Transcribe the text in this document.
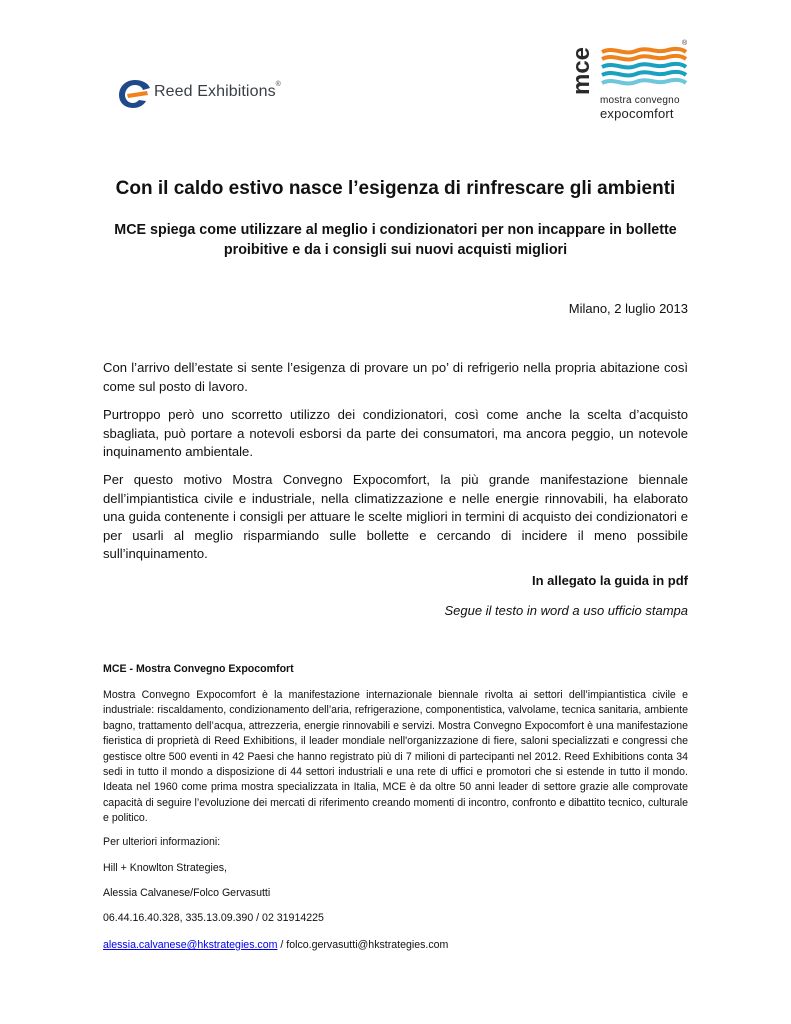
Reed Exhibitions®	mce
®
mostra convegno
expocomfort
Con il caldo estivo nasce l’esigenza di rinfrescare gli ambienti
MCE spiega come utilizzare al meglio i condizionatori per non incappare in bollette proibitive e da i consigli sui nuovi acquisti migliori
Milano, 2 luglio 2013

Con l’arrivo dell’estate si sente l’esigenza di provare un po’ di refrigerio nella propria abitazione così come sul posto di lavoro.

Purtroppo però uno scorretto utilizzo dei condizionatori, così come anche la scelta d’acquisto sbagliata, può portare a notevoli esborsi da parte dei consumatori, ma ancora peggio, un notevole inquinamento ambientale.

Per questo motivo Mostra Convegno Expocomfort, la più grande manifestazione biennale dell’impiantistica civile e industriale, nella climatizzazione e nelle energie rinnovabili, ha elaborato una guida contenente i consigli per attuare le scelte migliori in termini di acquisto dei condizionatori e per usarli al meglio risparmiando sulle bollette e cercando di incidere il meno possibile sull’inquinamento.

In allegato la guida in pdf
Segue il testo in word a uso ufficio stampa
MCE - Mostra Convegno Expocomfort

Mostra Convegno Expocomfort è la manifestazione internazionale biennale rivolta ai settori dell’impiantistica civile e industriale: riscaldamento, condizionamento dell’aria, refrigerazione, componentistica, valvolame, tecnica sanitaria, ambiente bagno, trattamento dell’acqua, attrezzeria, energie rinnovabili e servizi. Mostra Convegno Expocomfort è una manifestazione fieristica di proprietà di Reed Exhibitions, il leader mondiale nell'organizzazione di fiere, saloni specializzati e congressi che gestisce oltre 500 eventi in 42 Paesi che hanno registrato più di 7 milioni di partecipanti nel 2012. Reed Exhibitions conta 34 sedi in tutto il mondo a disposizione di 44 settori industriali e una rete di uffici e promotori che si estende in tutto il mondo. Ideata nel 1960 come prima mostra specializzata in Italia, MCE è da oltre 50 anni leader di settore grazie alle comprovate capacità di seguire l’evoluzione dei mercati di riferimento creando momenti di incontro, confronto e dibattito tecnico, culturale e politico.

Per ulteriori informazioni:
Hill + Knowlton Strategies,
Alessia Calvanese/Folco Gervasutti
06.44.16.40.328, 335.13.09.390 / 02 31914225
alessia.calvanese@hkstrategies.com / folco.gervasutti@hkstrategies.com
